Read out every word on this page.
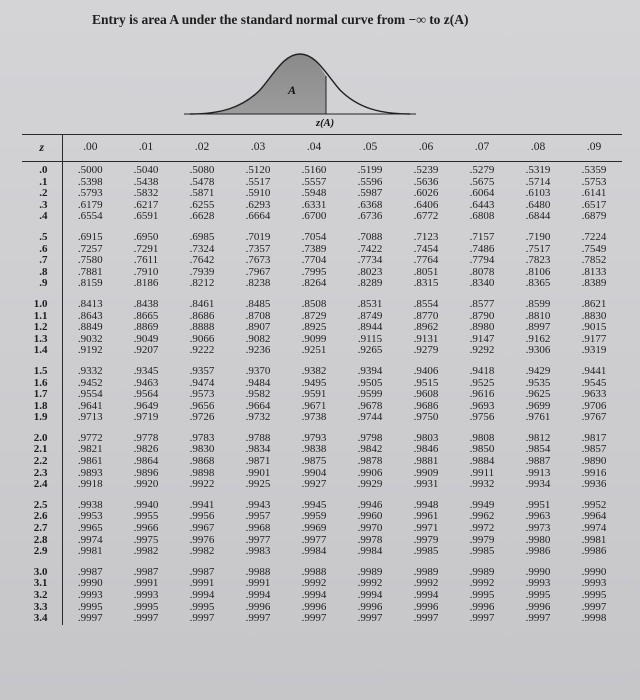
Entry is area A under the standard normal curve from −∞ to z(A)
A
z(A)
z	.00	.01	.02	.03	.04	.05	.06	.07	.08	.09
.0	.5000	.5040	.5080	.5120	.5160	.5199	.5239	.5279	.5319	.5359
.1	.5398	.5438	.5478	.5517	.5557	.5596	.5636	.5675	.5714	.5753
.2	.5793	.5832	.5871	.5910	.5948	.5987	.6026	.6064	.6103	.6141
.3	.6179	.6217	.6255	.6293	.6331	.6368	.6406	.6443	.6480	.6517
.4	.6554	.6591	.6628	.6664	.6700	.6736	.6772	.6808	.6844	.6879
.5	.6915	.6950	.6985	.7019	.7054	.7088	.7123	.7157	.7190	.7224
.6	.7257	.7291	.7324	.7357	.7389	.7422	.7454	.7486	.7517	.7549
.7	.7580	.7611	.7642	.7673	.7704	.7734	.7764	.7794	.7823	.7852
.8	.7881	.7910	.7939	.7967	.7995	.8023	.8051	.8078	.8106	.8133
.9	.8159	.8186	.8212	.8238	.8264	.8289	.8315	.8340	.8365	.8389
1.0	.8413	.8438	.8461	.8485	.8508	.8531	.8554	.8577	.8599	.8621
1.1	.8643	.8665	.8686	.8708	.8729	.8749	.8770	.8790	.8810	.8830
1.2	.8849	.8869	.8888	.8907	.8925	.8944	.8962	.8980	.8997	.9015
1.3	.9032	.9049	.9066	.9082	.9099	.9115	.9131	.9147	.9162	.9177
1.4	.9192	.9207	.9222	.9236	.9251	.9265	.9279	.9292	.9306	.9319
1.5	.9332	.9345	.9357	.9370	.9382	.9394	.9406	.9418	.9429	.9441
1.6	.9452	.9463	.9474	.9484	.9495	.9505	.9515	.9525	.9535	.9545
1.7	.9554	.9564	.9573	.9582	.9591	.9599	.9608	.9616	.9625	.9633
1.8	.9641	.9649	.9656	.9664	.9671	.9678	.9686	.9693	.9699	.9706
1.9	.9713	.9719	.9726	.9732	.9738	.9744	.9750	.9756	.9761	.9767
2.0	.9772	.9778	.9783	.9788	.9793	.9798	.9803	.9808	.9812	.9817
2.1	.9821	.9826	.9830	.9834	.9838	.9842	.9846	.9850	.9854	.9857
2.2	.9861	.9864	.9868	.9871	.9875	.9878	.9881	.9884	.9887	.9890
2.3	.9893	.9896	.9898	.9901	.9904	.9906	.9909	.9911	.9913	.9916
2.4	.9918	.9920	.9922	.9925	.9927	.9929	.9931	.9932	.9934	.9936
2.5	.9938	.9940	.9941	.9943	.9945	.9946	.9948	.9949	.9951	.9952
2.6	.9953	.9955	.9956	.9957	.9959	.9960	.9961	.9962	.9963	.9964
2.7	.9965	.9966	.9967	.9968	.9969	.9970	.9971	.9972	.9973	.9974
2.8	.9974	.9975	.9976	.9977	.9977	.9978	.9979	.9979	.9980	.9981
2.9	.9981	.9982	.9982	.9983	.9984	.9984	.9985	.9985	.9986	.9986
3.0	.9987	.9987	.9987	.9988	.9988	.9989	.9989	.9989	.9990	.9990
3.1	.9990	.9991	.9991	.9991	.9992	.9992	.9992	.9992	.9993	.9993
3.2	.9993	.9993	.9994	.9994	.9994	.9994	.9994	.9995	.9995	.9995
3.3	.9995	.9995	.9995	.9996	.9996	.9996	.9996	.9996	.9996	.9997
3.4	.9997	.9997	.9997	.9997	.9997	.9997	.9997	.9997	.9997	.9998
